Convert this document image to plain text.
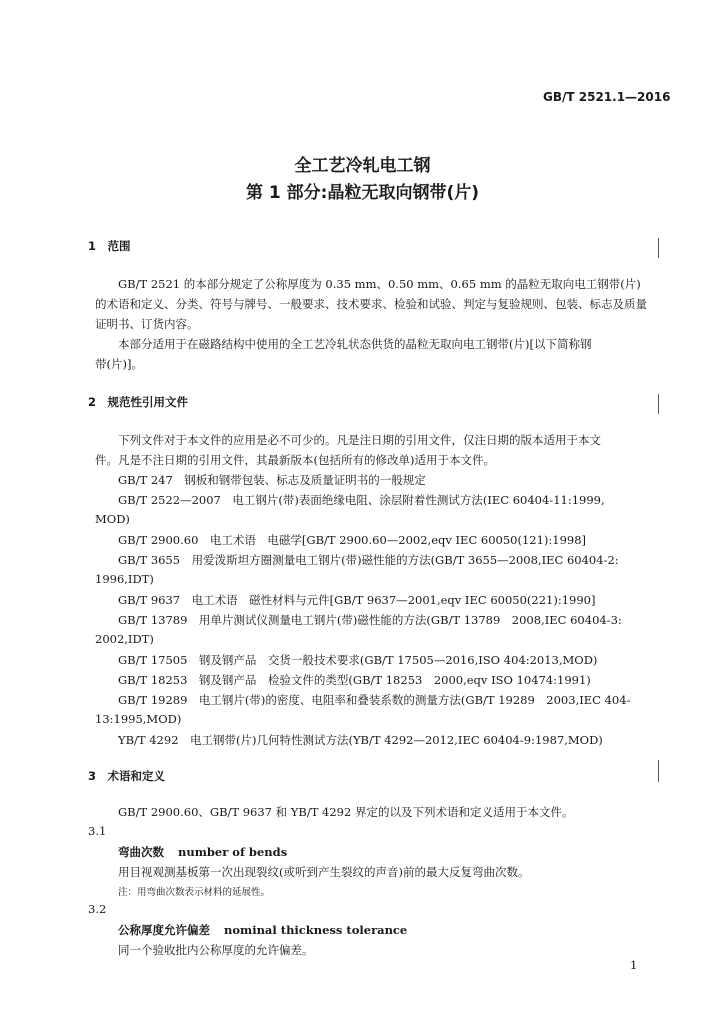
GB/T 2521.1—2016
全工艺冷轧电工钢
第 1 部分:晶粒无取向钢带(片)
1　范围
GB/T 2521 的本部分规定了公称厚度为 0.35 mm、0.50 mm、0.65 mm 的晶粒无取向电工钢带(片)
的术语和定义、分类、符号与牌号、一般要求、技术要求、检验和试验、判定与复验规则、包装、标志及质量
证明书、订货内容。
本部分适用于在磁路结构中使用的全工艺冷轧状态供货的晶粒无取向电工钢带(片)[以下简称钢
带(片)]。
2　规范性引用文件
下列文件对于本文件的应用是必不可少的。凡是注日期的引用文件，仅注日期的版本适用于本文
件。凡是不注日期的引用文件，其最新版本(包括所有的修改单)适用于本文件。
GB/T 247　钢板和钢带包装、标志及质量证明书的一般规定
GB/T 2522—2007　电工钢片(带)表面绝缘电阻、涂层附着性测试方法(IEC 60404-11:1999,
MOD)
GB/T 2900.60　电工术语　电磁学[GB/T 2900.60—2002,eqv IEC 60050(121):1998]
GB/T 3655　用爱泼斯坦方圈测量电工钢片(带)磁性能的方法(GB/T 3655—2008,IEC 60404-2:
1996,IDT)
GB/T 9637　电工术语　磁性材料与元件[GB/T 9637—2001,eqv IEC 60050(221):1990]
GB/T 13789　用单片测试仪测量电工钢片(带)磁性能的方法(GB/T 13789　2008,IEC 60404-3:
2002,IDT)
GB/T 17505　钢及钢产品　交货一般技术要求(GB/T 17505—2016,ISO 404:2013,MOD)
GB/T 18253　钢及钢产品　检验文件的类型(GB/T 18253　2000,eqv ISO 10474:1991)
GB/T 19289　电工钢片(带)的密度、电阻率和叠装系数的测量方法(GB/T 19289　2003,IEC 404-
13:1995,MOD)
YB/T 4292　电工钢带(片)几何特性测试方法(YB/T 4292—2012,IEC 60404-9:1987,MOD)
3　术语和定义
GB/T 2900.60、GB/T 9637 和 YB/T 4292 界定的以及下列术语和定义适用于本文件。
3.1
弯曲次数 number of bends
用目视观测基板第一次出现裂纹(或听到产生裂纹的声音)前的最大反复弯曲次数。
注：用弯曲次数表示材料的延展性。
3.2
公称厚度允许偏差 nominal thickness tolerance
同一个验收批内公称厚度的允许偏差。
1
